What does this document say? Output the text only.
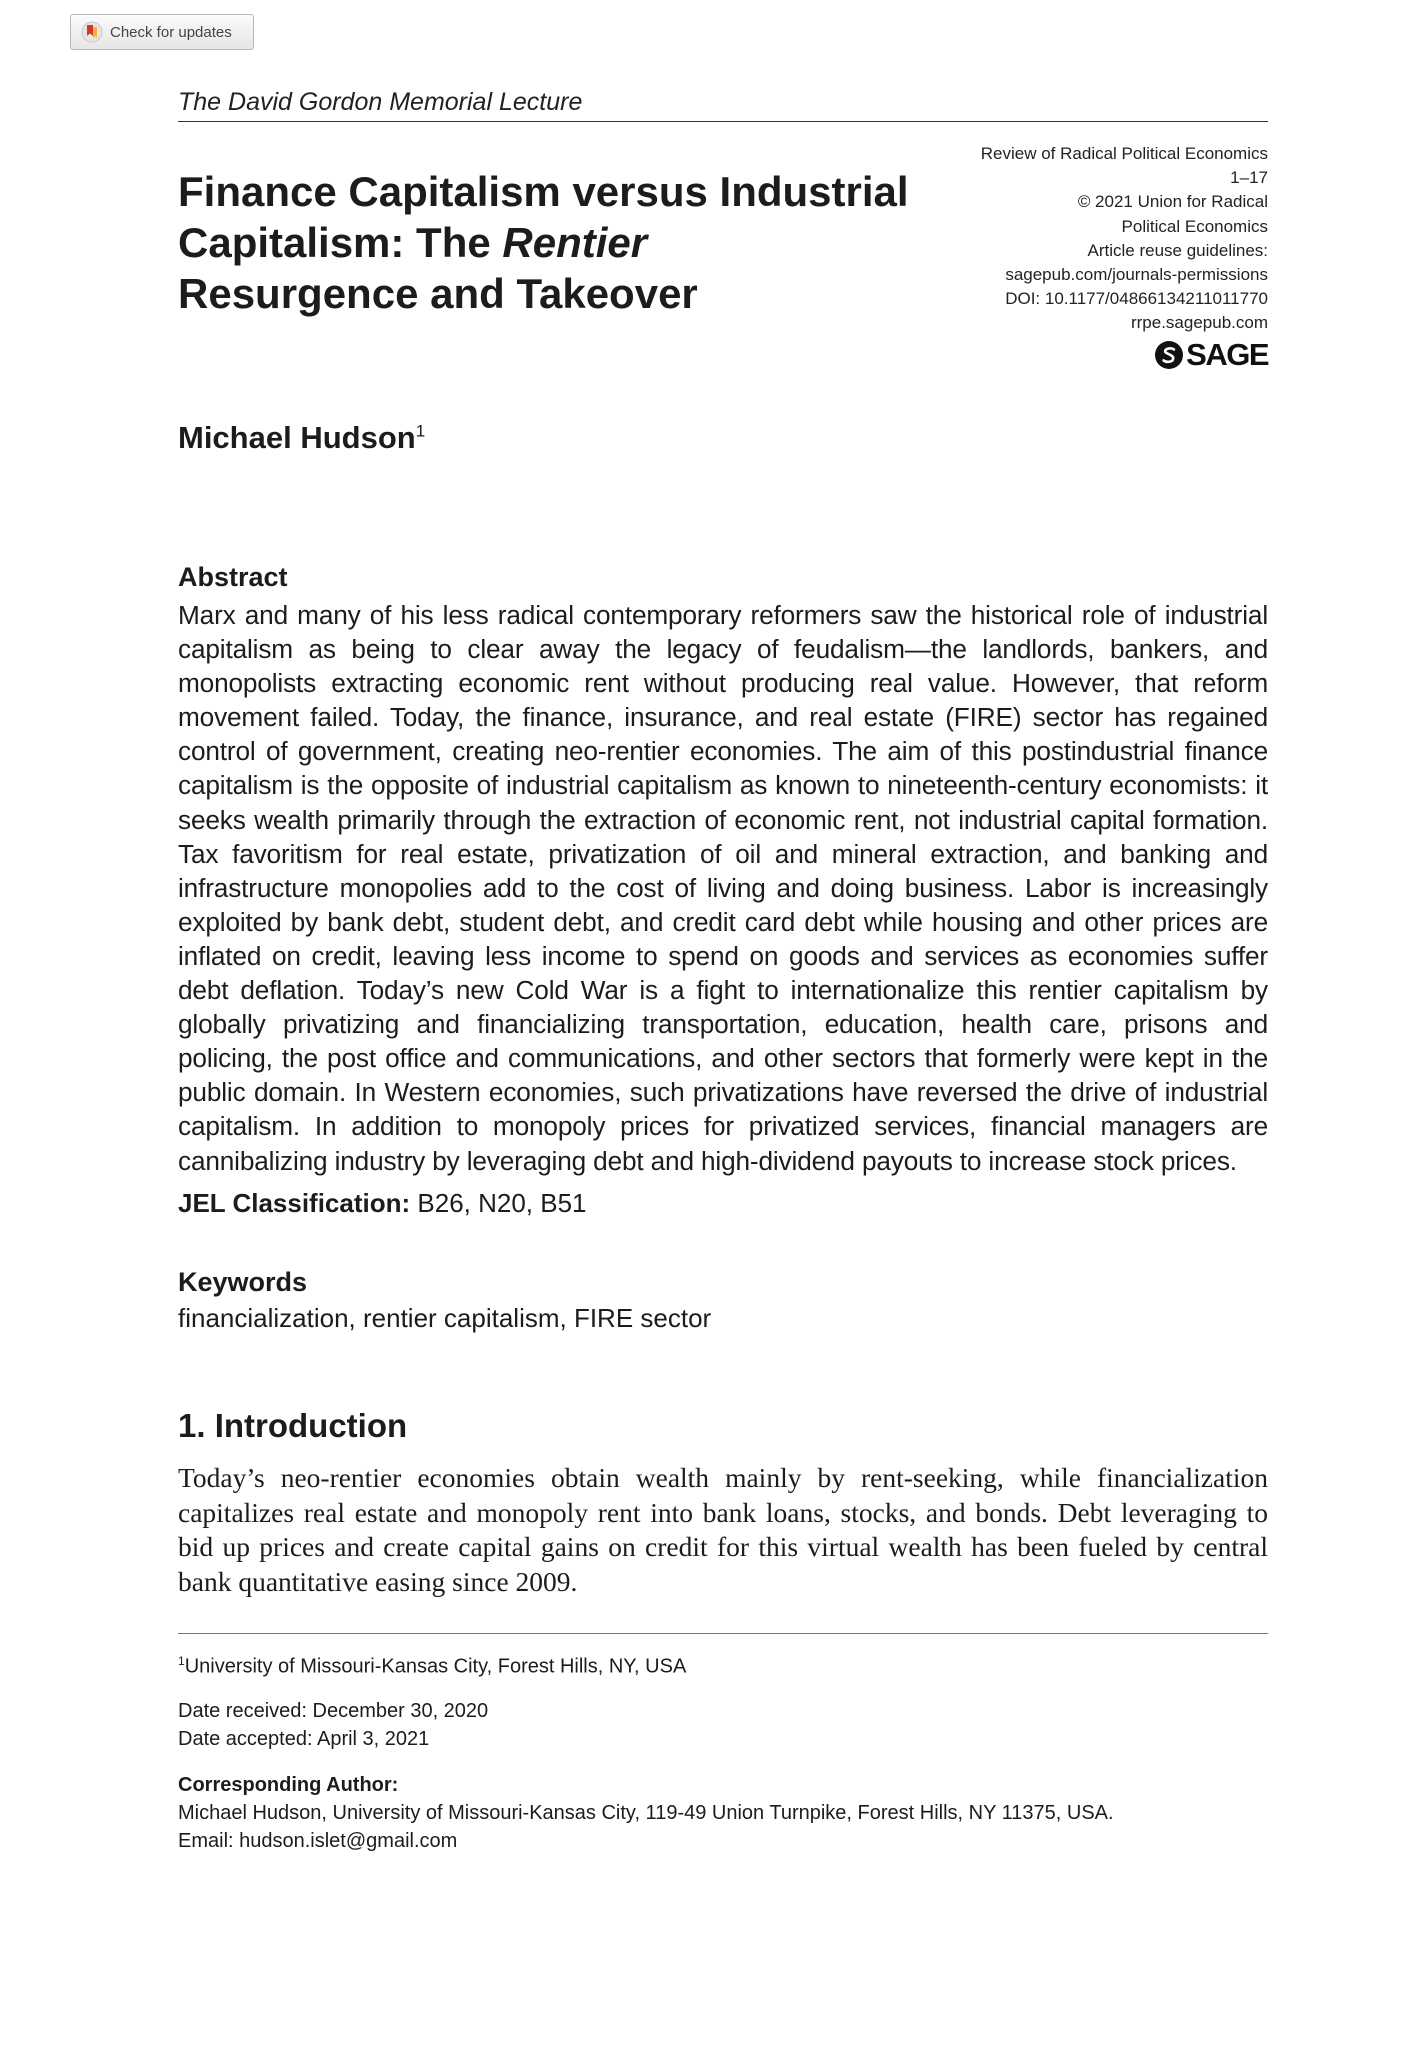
Check for updates
The David Gordon Memorial Lecture
Finance Capitalism versus Industrial Capitalism: The Rentier
Resurgence and Takeover
Review of Radical Political Economics
1–17
© 2021 Union for Radical
Political Economics
Article reuse guidelines:
sagepub.com/journals-permissions
DOI: 10.1177/04866134211011770
rrpe.sagepub.com
SAGE
Michael Hudson$^1$
Abstract

Marx and many of his less radical contemporary reformers saw the historical role of industrial capitalism as being to clear away the legacy of feudalism—the landlords, bankers, and monopolists extracting economic rent without producing real value. However, that reform movement failed. Today, the finance, insurance, and real estate (FIRE) sector has regained control of government, creating neo-rentier economies. The aim of this postindustrial finance capitalism is the opposite of industrial capitalism as known to nineteenth-century economists: it seeks wealth primarily through the extraction of economic rent, not industrial capital formation. Tax favoritism for real estate, privatization of oil and mineral extraction, and banking and infrastructure monopolies add to the cost of living and doing business. Labor is increasingly exploited by bank debt, student debt, and credit card debt while housing and other prices are inflated on credit, leaving less income to spend on goods and services as economies suffer debt deflation. Today’s new Cold War is a fight to internationalize this rentier capitalism by globally privatizing and financializing transportation, education, health care, prisons and policing, the post office and communications, and other sectors that formerly were kept in the public domain. In Western economies, such privatizations have reversed the drive of industrial capitalism. In addition to monopoly prices for privatized services, financial managers are cannibalizing industry by leveraging debt and high-dividend payouts to increase stock prices.

JEL Classification: B26, N20, B51
Keywords
financialization, rentier capitalism, FIRE sector
1. Introduction

Today’s neo-rentier economies obtain wealth mainly by rent-seeking, while financialization capitalizes real estate and monopoly rent into bank loans, stocks, and bonds. Debt leveraging to bid up prices and create capital gains on credit for this virtual wealth has been fueled by central bank quantitative easing since 2009.

$^1$University of Missouri-Kansas City, Forest Hills, NY, USA
Date received: December 30, 2020
Date accepted: April 3, 2021
Corresponding Author:
Michael Hudson, University of Missouri-Kansas City, 119-49 Union Turnpike, Forest Hills, NY 11375, USA.
Email: hudson.islet@gmail.com
